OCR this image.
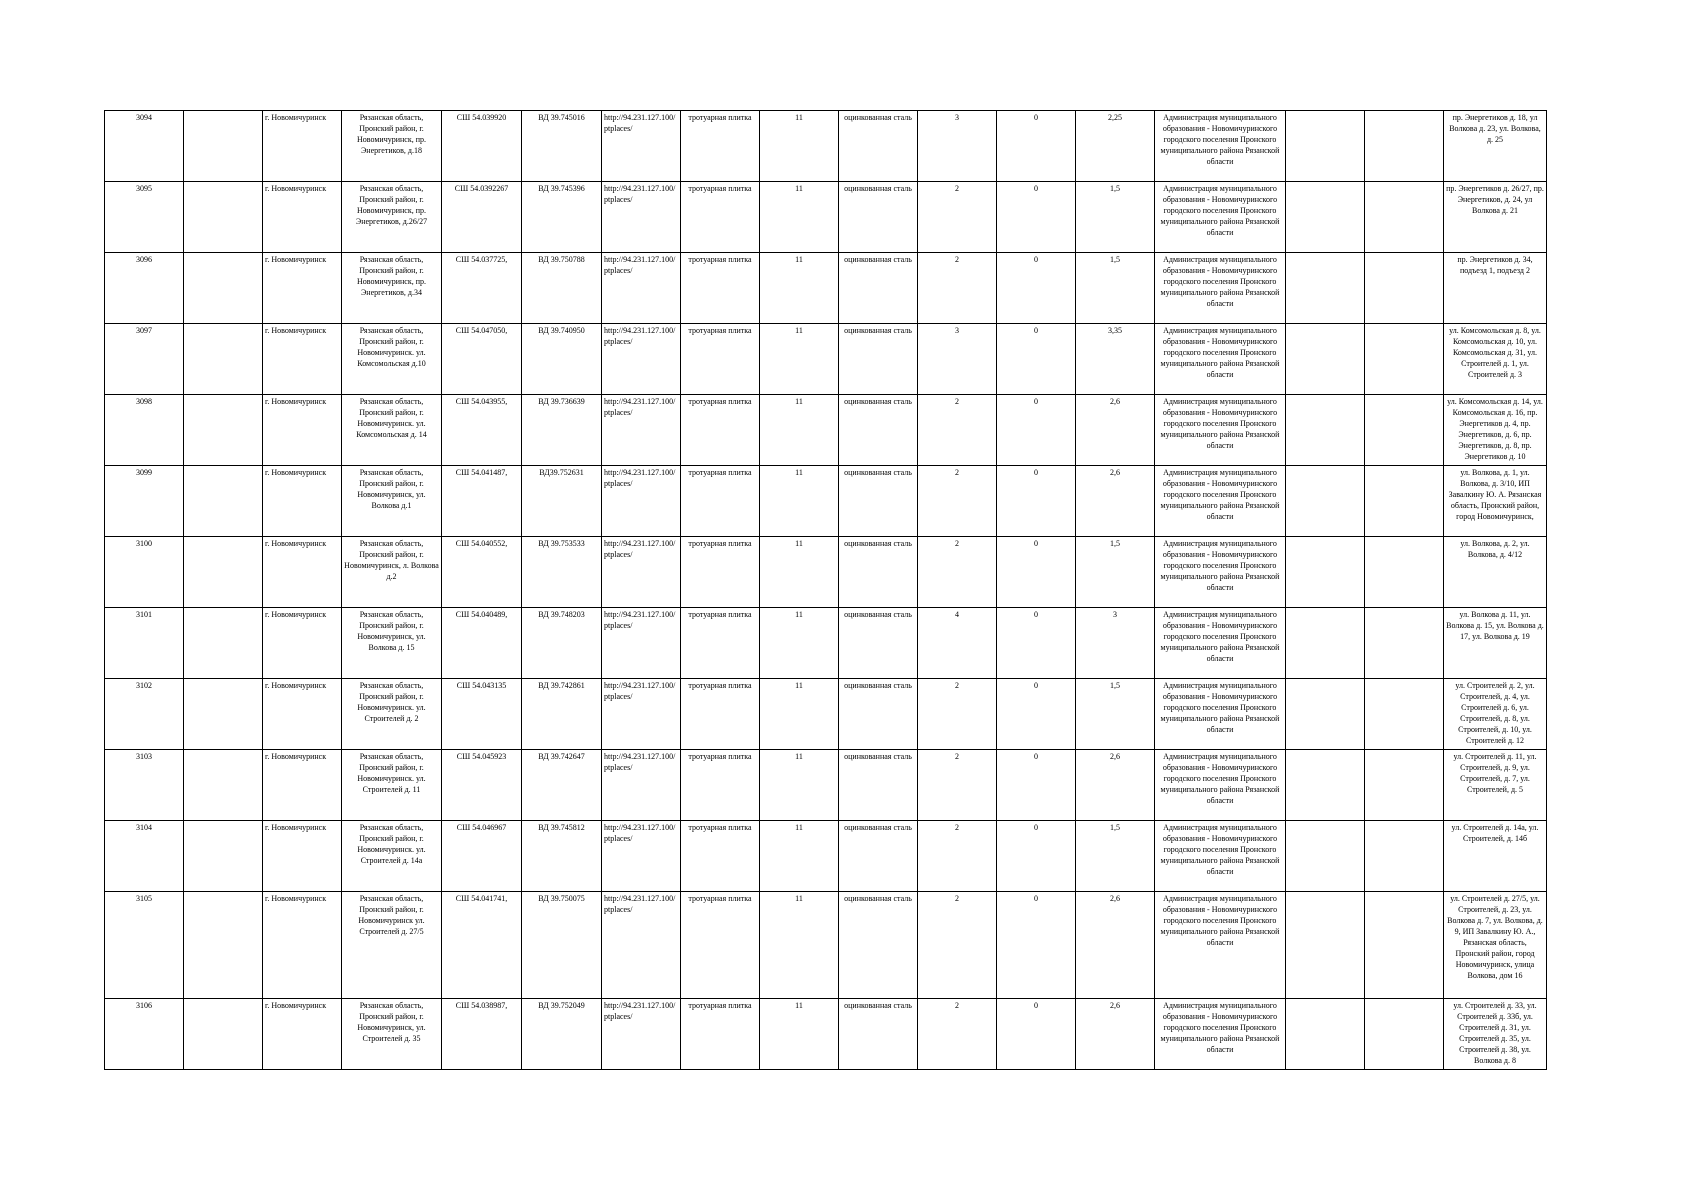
3094		г. Новомичуринск	Рязанская область, Пронский район, г. Новомичуринск, пр. Энергетиков, д.18	СШ 54.039920	ВД 39.745016	http://94.231.127.100/ptplaces/	тротуарная плитка	11	оцинкованная сталь	3	0	2,25	Администрация муниципального образования - Новомичуринского городского поселения Пронского муниципального района Рязанской области			пр. Энергетиков д. 18, ул Волкова д. 23, ул. Волкова, д. 25
3095		г. Новомичуринск	Рязанская область, Пронский район, г. Новомичуринск, пр. Энергетиков, д.26/27	СШ 54.0392267	ВД 39.745396	http://94.231.127.100/ptplaces/	тротуарная плитка	11	оцинкованная сталь	2	0	1,5	Администрация муниципального образования - Новомичуринского городского поселения Пронского муниципального района Рязанской области			пр. Энергетиков д. 26/27, пр. Энергетиков, д. 24, ул Волкова д. 21
3096		г. Новомичуринск	Рязанская область, Пронский район, г. Новомичуринск, пр. Энергетиков, д.34	СШ 54.037725,	ВД 39.750788	http://94.231.127.100/ptplaces/	тротуарная плитка	11	оцинкованная сталь	2	0	1,5	Администрация муниципального образования - Новомичуринского городского поселения Пронского муниципального района Рязанской области			пр. Энергетиков д. 34, подъезд 1, подъезд 2
3097		г. Новомичуринск	Рязанская область, Пронский район, г. Новомичуринск. ул. Комсомольская д.10	СШ 54.047050,	ВД 39.740950	http://94.231.127.100/ptplaces/	тротуарная плитка	11	оцинкованная сталь	3	0	3,35	Администрация муниципального образования - Новомичуринского городского поселения Пронского муниципального района Рязанской области			ул. Комсомольская д. 8, ул. Комсомольская д. 10, ул. Комсомольская д. 31, ул. Строителей д. 1, ул. Строителей д. 3
3098		г. Новомичуринск	Рязанская область, Пронский район, г. Новомичуринск. ул. Комсомольская д. 14	СШ 54.043955,	ВД 39.736639	http://94.231.127.100/ptplaces/	тротуарная плитка	11	оцинкованная сталь	2	0	2,6	Администрация муниципального образования - Новомичуринского городского поселения Пронского муниципального района Рязанской области			ул. Комсомольская д. 14, ул. Комсомольская д. 16, пр. Энергетиков д. 4, пр. Энергетиков, д. 6, пр. Энергетиков, д. 8, пр. Энергетиков д. 10
3099		г. Новомичуринск	Рязанская область, Пронский район, г. Новомичуринск, ул. Волкова д.1	СШ 54.041487,	ВД39.752631	http://94.231.127.100/ptplaces/	тротуарная плитка	11	оцинкованная сталь	2	0	2,6	Администрация муниципального образования - Новомичуринского городского поселения Пронского муниципального района Рязанской области			ул. Волкова, д. 1, ул. Волкова, д. 3/10, ИП Завалкину Ю. А. Рязанская область, Пронский район, город Новомичуринск,
3100		г. Новомичуринск	Рязанская область, Пронский район, г. Новомичуринск, л. Волкова д.2	СШ 54.040552,	ВД 39.753533	http://94.231.127.100/ptplaces/	тротуарная плитка	11	оцинкованная сталь	2	0	1,5	Администрация муниципального образования - Новомичуринского городского поселения Пронского муниципального района Рязанской области			ул. Волкова, д. 2, ул. Волкова, д. 4/12
3101		г. Новомичуринск	Рязанская область, Пронский район, г. Новомичуринск, ул. Волкова д. 15	СШ 54.040489,	ВД 39.748203	http://94.231.127.100/ptplaces/	тротуарная плитка	11	оцинкованная сталь	4	0	3	Администрация муниципального образования - Новомичуринского городского поселения Пронского муниципального района Рязанской области			ул. Волкова д. 11, ул. Волкова д. 15, ул. Волкова д. 17, ул. Волкова д. 19
3102		г. Новомичуринск	Рязанская область, Пронский район, г. Новомичуринск. ул. Строителей д. 2	СШ 54.043135	ВД 39.742861	http://94.231.127.100/ptplaces/	тротуарная плитка	11	оцинкованная сталь	2	0	1,5	Администрация муниципального образования - Новомичуринского городского поселения Пронского муниципального района Рязанской области			ул. Строителей д. 2, ул. Строителей, д. 4, ул. Строителей д. 6, ул. Строителей, д. 8, ул. Строителей, д. 10, ул. Строителей д. 12
3103		г. Новомичуринск	Рязанская область, Пронский район, г. Новомичуринск. ул. Строителей д. 11	СШ 54.045923	ВД 39.742647	http://94.231.127.100/ptplaces/	тротуарная плитка	11	оцинкованная сталь	2	0	2,6	Администрация муниципального образования - Новомичуринского городского поселения Пронского муниципального района Рязанской области			ул. Строителей д. 11, ул. Строителей, д. 9, ул. Строителей, д. 7, ул. Строителей, д. 5
3104		г. Новомичуринск	Рязанская область, Пронский район, г. Новомичуринск. ул. Строителей д. 14а	СШ 54.046967	ВД 39.745812	http://94.231.127.100/ptplaces/	тротуарная плитка	11	оцинкованная сталь	2	0	1,5	Администрация муниципального образования - Новомичуринского городского поселения Пронского муниципального района Рязанской области			ул. Строителей д. 14а, ул. Строителей, д. 14б
3105		г. Новомичуринск	Рязанская область, Пронский район, г. Новомичуринск ул. Строителей д. 27/5	СШ 54.041741,	ВД 39.750075	http://94.231.127.100/ptplaces/	тротуарная плитка	11	оцинкованная сталь	2	0	2,6	Администрация муниципального образования - Новомичуринского городского поселения Пронского муниципального района Рязанской области			ул. Строителей д. 27/5, ул. Строителей, д. 23, ул. Волкова д. 7, ул. Волкова, д. 9, ИП Завалкину Ю. А., Рязанская область, Пронский район, город Новомичуринск, улица Волкова, дом 16
3106		г. Новомичуринск	Рязанская область, Пронский район, г. Новомичуринск, ул. Строителей д. 35	СШ 54.038987,	ВД 39.752049	http://94.231.127.100/ptplaces/	тротуарная плитка	11	оцинкованная сталь	2	0	2,6	Администрация муниципального образования - Новомичуринского городского поселения Пронского муниципального района Рязанской области			ул. Строителей д. 33, ул. Строителей д. 33б, ул. Строителей д. 31, ул. Строителей д. 35, ул. Строителей д. 38, ул. Волкова д. 8
